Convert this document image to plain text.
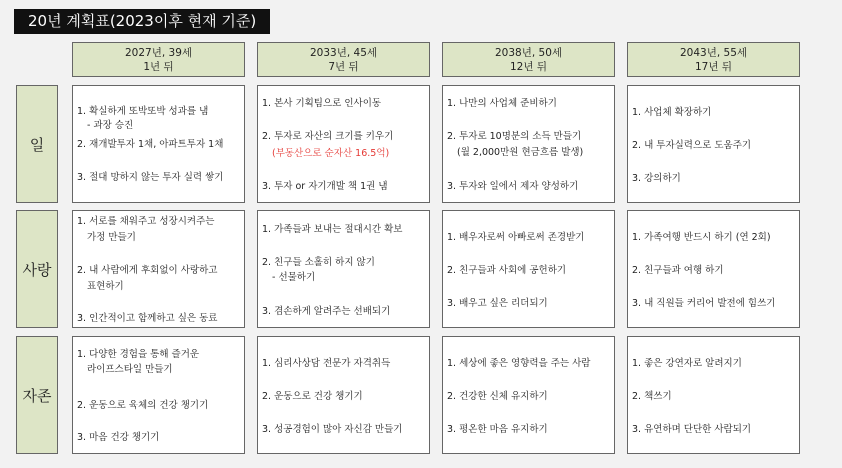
20년 계획표(2023이후 현재 기준)
2027년, 39세
1년 뒤
2033년, 45세
7년 뒤
2038년, 50세
12년 뒤
2043년, 55세
17년 뒤
일
사랑
자존
1. 확실하게 또박또박 성과를 냄
- 과장 승진
2. 재개발투자 1채, 아파트투자 1채
3. 절대 망하지 않는 투자 실력 쌓기
1. 본사 기획팀으로 인사이동
2. 투자로 자산의 크기를 키우기
(부동산으로 순자산 16.5억)
3. 투자 or 자기개발 책 1권 냄
1. 나만의 사업체 준비하기
2. 투자로 10명분의 소득 만들기
(월 2,000만원 현금흐름 발생)
3. 투자와 일에서 제자 양성하기
1. 사업체 확장하기
2. 내 투자실력으로 도움주기
3. 강의하기
1. 서로를 채워주고 성장시켜주는
가정 만들기
2. 내 사람에게 후회없이 사랑하고
표현하기
3. 인간적이고 함께하고 싶은 동료
1. 가족들과 보내는 절대시간 확보
2. 친구들 소홀히 하지 않기
- 선물하기
3. 겸손하게 알려주는 선배되기
1. 배우자로써 아빠로써 존경받기
2. 친구들과 사회에 공헌하기
3. 배우고 싶은 리더되기
1. 가족여행 반드시 하기 (연 2회)
2. 친구들과 여행 하기
3. 내 직원들 커리어 발전에 힘쓰기
1. 다양한 경험을 통해 즐거운
라이프스타일 만들기
2. 운동으로 육체의 건강 챙기기
3. 마음 건강 챙기기
1. 심리사상담 전문가 자격취득
2. 운동으로 건강 챙기기
3. 성공경험이 많아 자신감 만들기
1. 세상에 좋은 영향력을 주는 사람
2. 건강한 신체 유지하기
3. 평온한 마음 유지하기
1. 좋은 강연자로 알려지기
2. 책쓰기
3. 유연하며 단단한 사람되기
